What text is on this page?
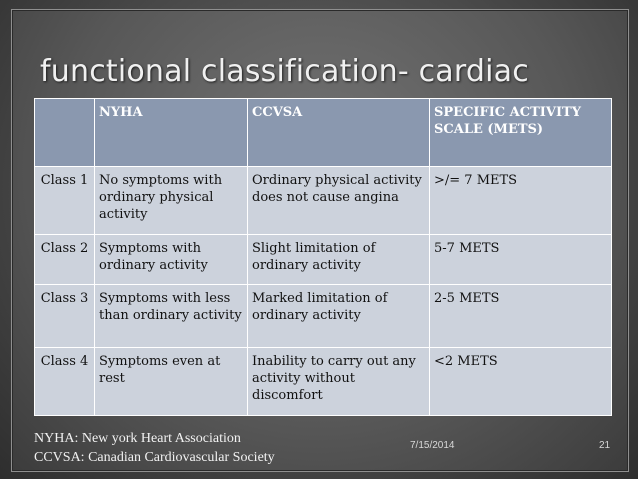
functional classification- cardiac
	NYHA	CCVSA	SPECIFIC ACTIVITY SCALE (METS)
Class 1	No symptoms with ordinary physical activity	Ordinary physical activity does not cause angina	>/= 7 METS
Class 2	Symptoms with ordinary activity	Slight limitation of ordinary activity	5-7 METS
Class 3	Symptoms with less than ordinary activity	Marked limitation of ordinary activity	2-5 METS
Class 4	Symptoms even at rest	Inability to carry out any activity without discomfort	<2 METS
NYHA: New york Heart Association
CCVSA: Canadian Cardiovascular Society
7/15/2014	21
